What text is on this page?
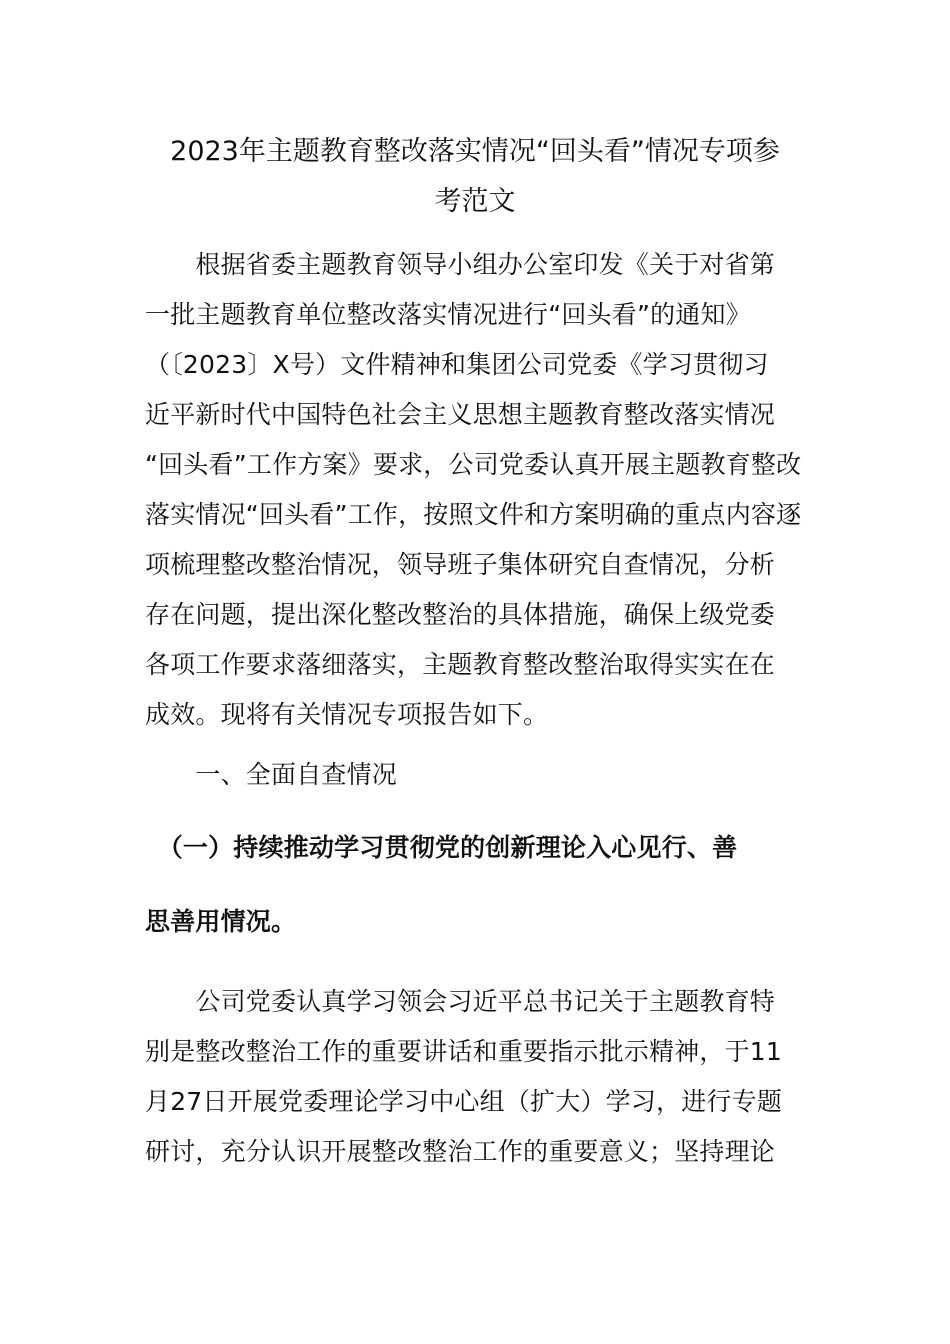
2023年主题教育整改落实情况“回头看”情况专项参
考范文
　　根据省委主题教育领导小组办公室印发《关于对省第
一批主题教育单位整改落实情况进行“回头看”的通知》
（〔2023〕X号）文件精神和集团公司党委《学习贯彻习
近平新时代中国特色社会主义思想主题教育整改落实情况
“回头看”工作方案》要求，公司党委认真开展主题教育整改
落实情况“回头看”工作，按照文件和方案明确的重点内容逐
项梳理整改整治情况，领导班子集体研究自查情况，分析
存在问题，提出深化整改整治的具体措施，确保上级党委
各项工作要求落细落实，主题教育整改整治取得实实在在
成效。现将有关情况专项报告如下。
　　一、全面自查情况
　（一）持续推动学习贯彻党的创新理论入心见行、善
思善用情况。
　　公司党委认真学习领会习近平总书记关于主题教育特
别是整改整治工作的重要讲话和重要指示批示精神，于11
月27日开展党委理论学习中心组（扩大）学习，进行专题
研讨，充分认识开展整改整治工作的重要意义；坚持理论
